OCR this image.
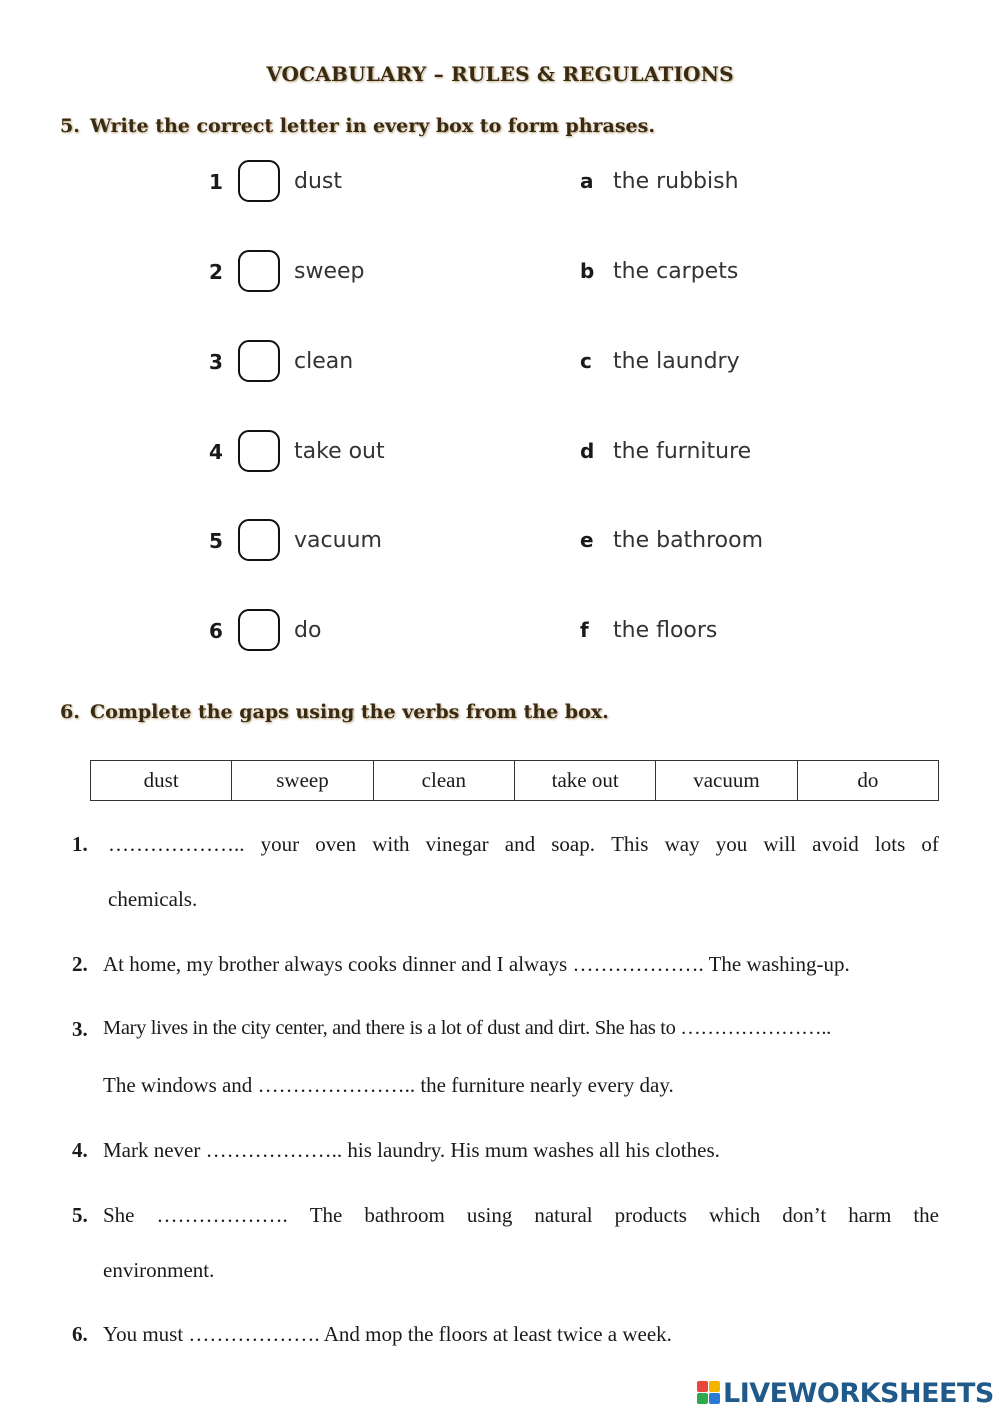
VOCABULARY – RULES & REGULATIONS
5. Write the correct letter in every box to form phrases.
1	dust	a the rubbish
2	sweep	b the carpets
3	clean	c the laundry
4	take out	d the furniture
5	vacuum	e the bathroom
6	do	f the floors
6. Complete the gaps using the verbs from the box.
dust	sweep	clean	take out	vacuum	do
1. ……………….. your oven with vinegar and soap. This way you will avoid lots of
chemicals.
2. At home, my brother always cooks dinner and I always ………………. The washing-up.
3. Mary lives in the city center, and there is a lot of dust and dirt. She has to …………………..
The windows and ………………….. the furniture nearly every day.
4. Mark never ……………….. his laundry. His mum washes all his clothes.
5. She ………………. The bathroom using natural products which don’t harm the
environment.
6. You must ………………. And mop the floors at least twice a week.
LIVEWORKSHEETS
